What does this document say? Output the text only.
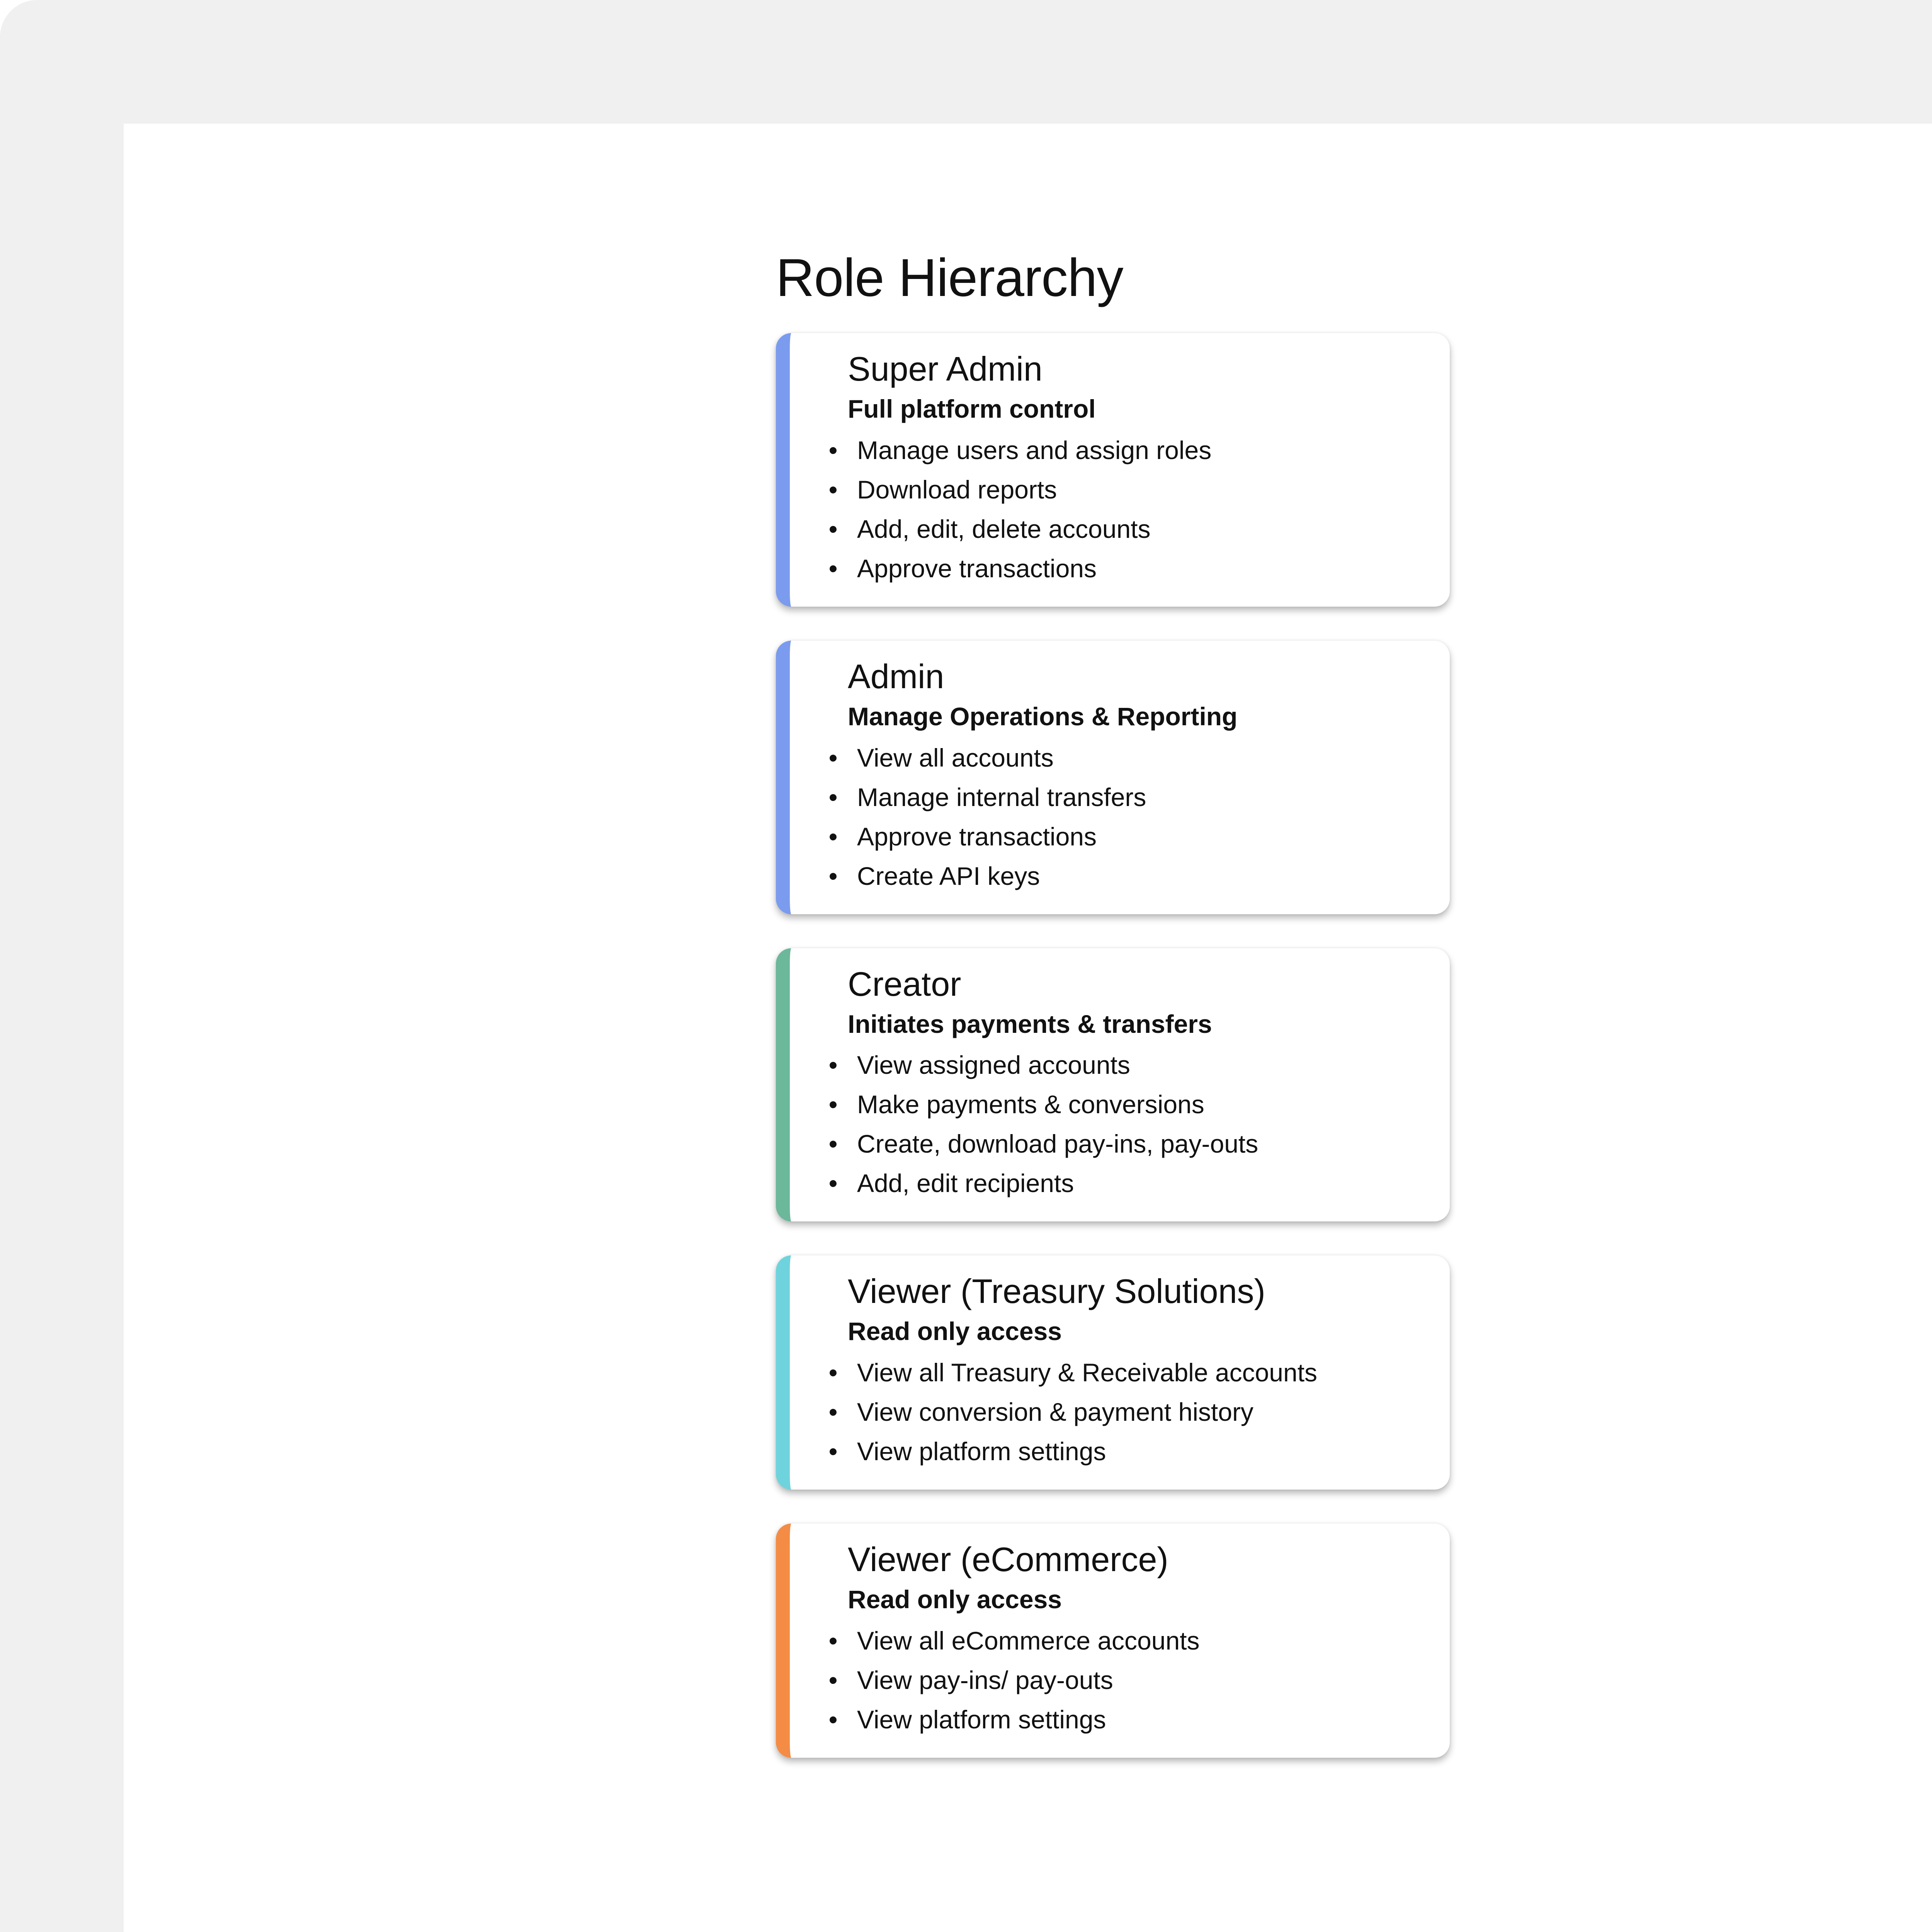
Role Hierarchy
Super Admin
Full platform control
• Manage users and assign roles
• Download reports
• Add, edit, delete accounts
• Approve transactions
Admin
Manage Operations & Reporting
• View all accounts
• Manage internal transfers
• Approve transactions
• Create API keys
Creator
Initiates payments & transfers
• View assigned accounts
• Make payments & conversions
• Create, download pay-ins, pay-outs
• Add, edit recipients
Viewer (Treasury Solutions)
Read only access
• View all Treasury & Receivable accounts
• View conversion & payment history
• View platform settings
Viewer (eCommerce)
Read only access
• View all eCommerce accounts
• View pay-ins/ pay-outs
• View platform settings
